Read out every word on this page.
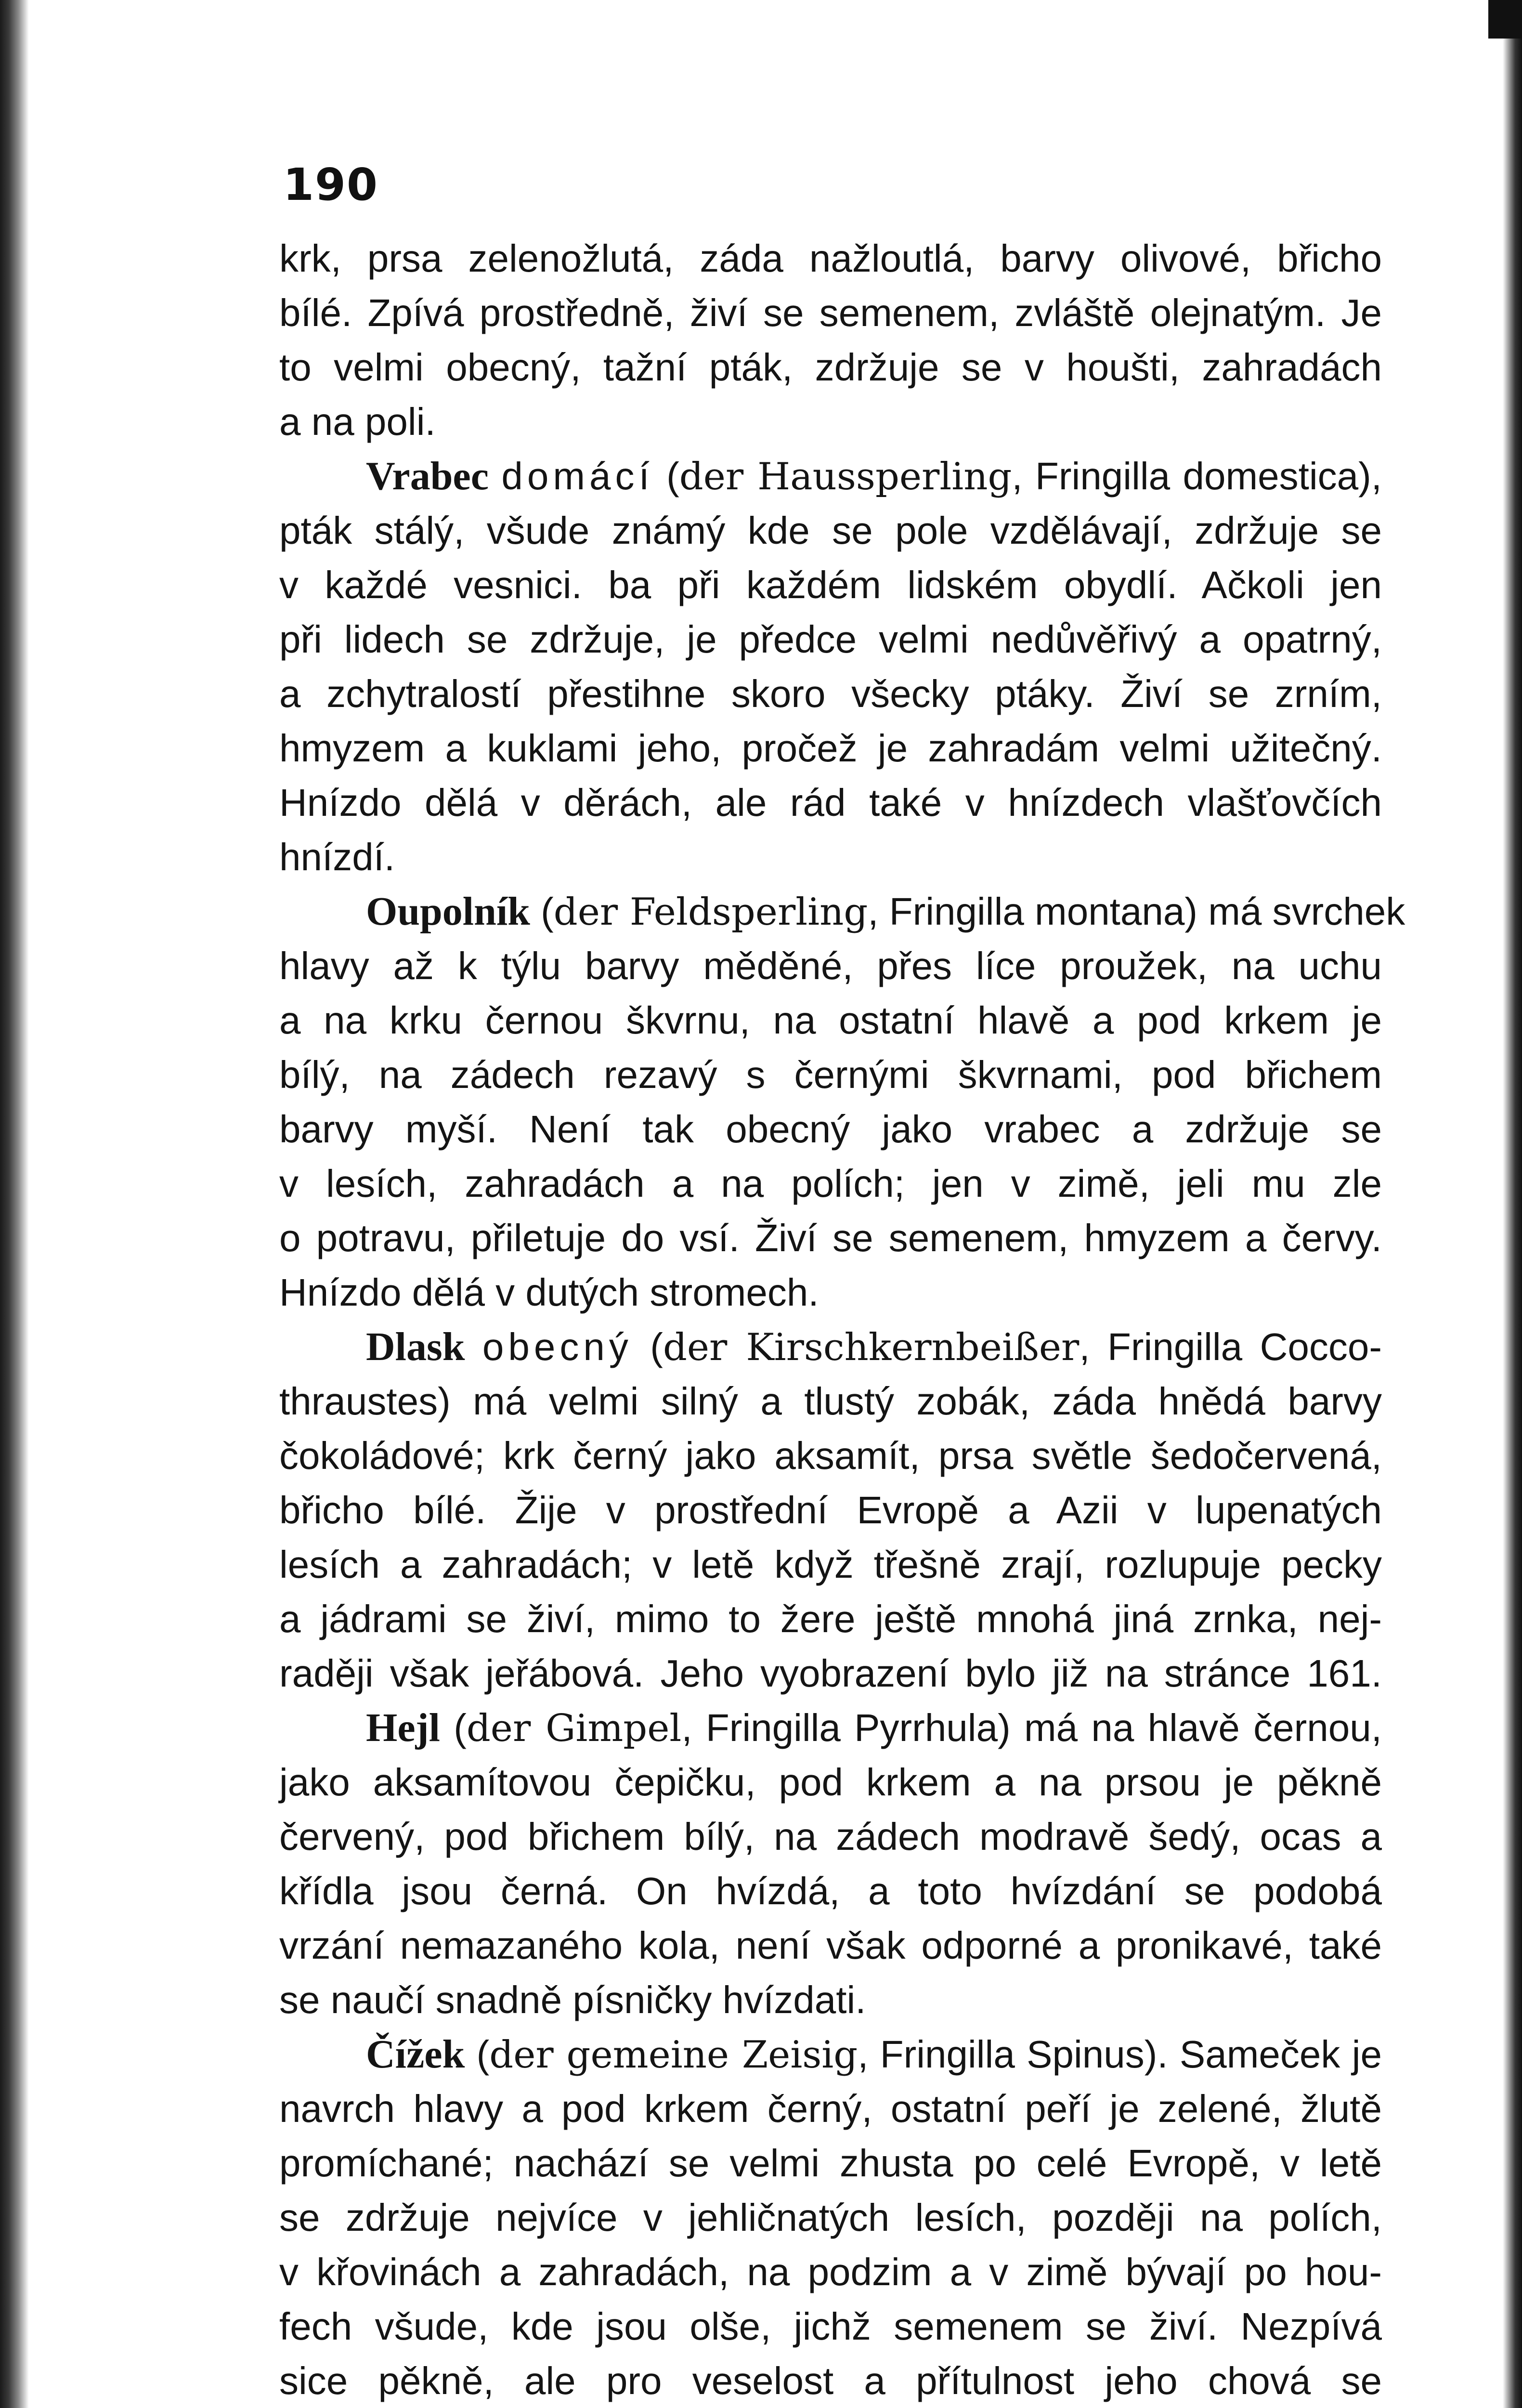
190
krk, prsa zelenožlutá, záda nažloutlá, barvy olivové, břicho
bílé. Zpívá prostředně, živí se semenem, zvláště olejnatým. Je
to velmi obecný, tažní pták, zdržuje se v houšti, zahradách
a na poli.
Vrabec domácí (der Haussperling, Fringilla domestica),
pták stálý, všude známý kde se pole vzdělávají, zdržuje se
v každé vesnici. ba při každém lidském obydlí. Ačkoli jen
při lidech se zdržuje, je předce velmi nedůvěřivý a opatrný,
a zchytralostí přestihne skoro všecky ptáky. Živí se zrním,
hmyzem a kuklami jeho, pročež je zahradám velmi užitečný.
Hnízdo dělá v děrách, ale rád také v hnízdech vlašťovčích
hnízdí.
Oupolník (der Feldsperling, Fringilla montana) má svrchek
hlavy až k týlu barvy měděné, přes líce proužek, na uchu
a na krku černou škvrnu, na ostatní hlavě a pod krkem je
bílý, na zádech rezavý s černými škvrnami, pod břichem
barvy myší. Není tak obecný jako vrabec a zdržuje se
v lesích, zahradách a na polích; jen v zimě, jeli mu zle
o potravu, přiletuje do vsí. Živí se semenem, hmyzem a červy.
Hnízdo dělá v dutých stromech.
Dlask obecný (der Kirschkernbeißer, Fringilla Cocco-
thraustes) má velmi silný a tlustý zobák, záda hnědá barvy
čokoládové; krk černý jako aksamít, prsa světle šedočervená,
břicho bílé. Žije v prostřední Evropě a Azii v lupenatých
lesích a zahradách; v letě když třešně zrají, rozlupuje pecky
a jádrami se živí, mimo to žere ještě mnohá jiná zrnka, nej-
raději však jeřábová. Jeho vyobrazení bylo již na stránce 161.
Hejl (der Gimpel, Fringilla Pyrrhula) má na hlavě černou,
jako aksamítovou čepičku, pod krkem a na prsou je pěkně
červený, pod břichem bílý, na zádech modravě šedý, ocas a
křídla jsou černá. On hvízdá, a toto hvízdání se podobá
vrzání nemazaného kola, není však odporné a pronikavé, také
se naučí snadně písničky hvízdati.
Čížek (der gemeine Zeisig, Fringilla Spinus). Sameček je
navrch hlavy a pod krkem černý, ostatní peří je zelené, žlutě
promíchané; nachází se velmi zhusta po celé Evropě, v letě
se zdržuje nejvíce v jehličnatých lesích, později na polích,
v křovinách a zahradách, na podzim a v zimě bývají po hou-
fech všude, kde jsou olše, jichž semenem se živí. Nezpívá
sice pěkně, ale pro veselost a přítulnost jeho chová se
